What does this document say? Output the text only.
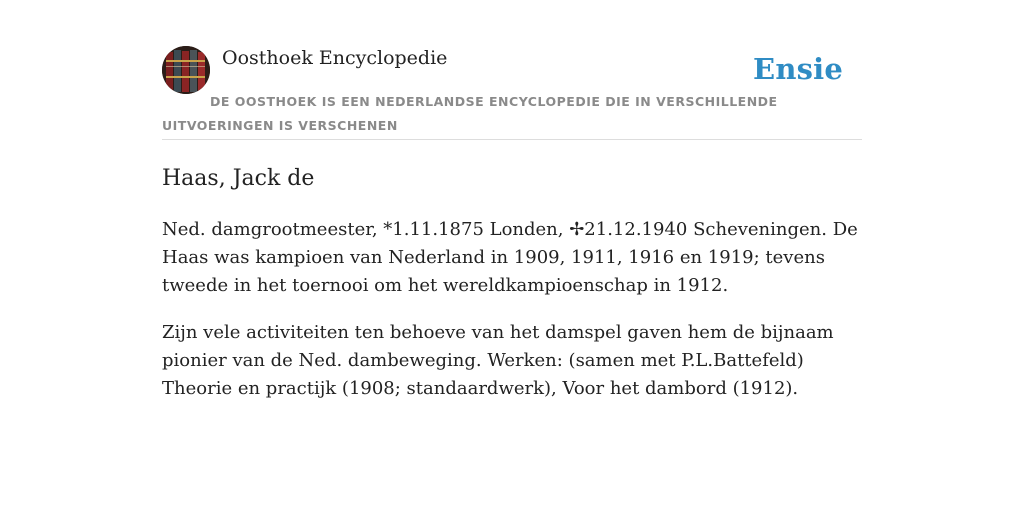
Oosthoek Encyclopedie	Ensie
DE OOSTHOEK IS EEN NEDERLANDSE ENCYCLOPEDIE DIE IN VERSCHILLENDE UITVOERINGEN IS VERSCHENEN
Haas, Jack de

Ned. damgrootmeester, *1.11.1875 Londen, ✢21.12.1940 Scheveningen. De Haas was kampioen van Nederland in 1909, 1911, 1916 en 1919; tevens tweede in het toernooi om het wereldkampioenschap in 1912.

Zijn vele activiteiten ten behoeve van het damspel gaven hem de bijnaam pionier van de Ned. dambeweging. Werken: (samen met P.L.Battefeld) Theorie en practijk (1908; standaardwerk), Voor het dambord (1912).
